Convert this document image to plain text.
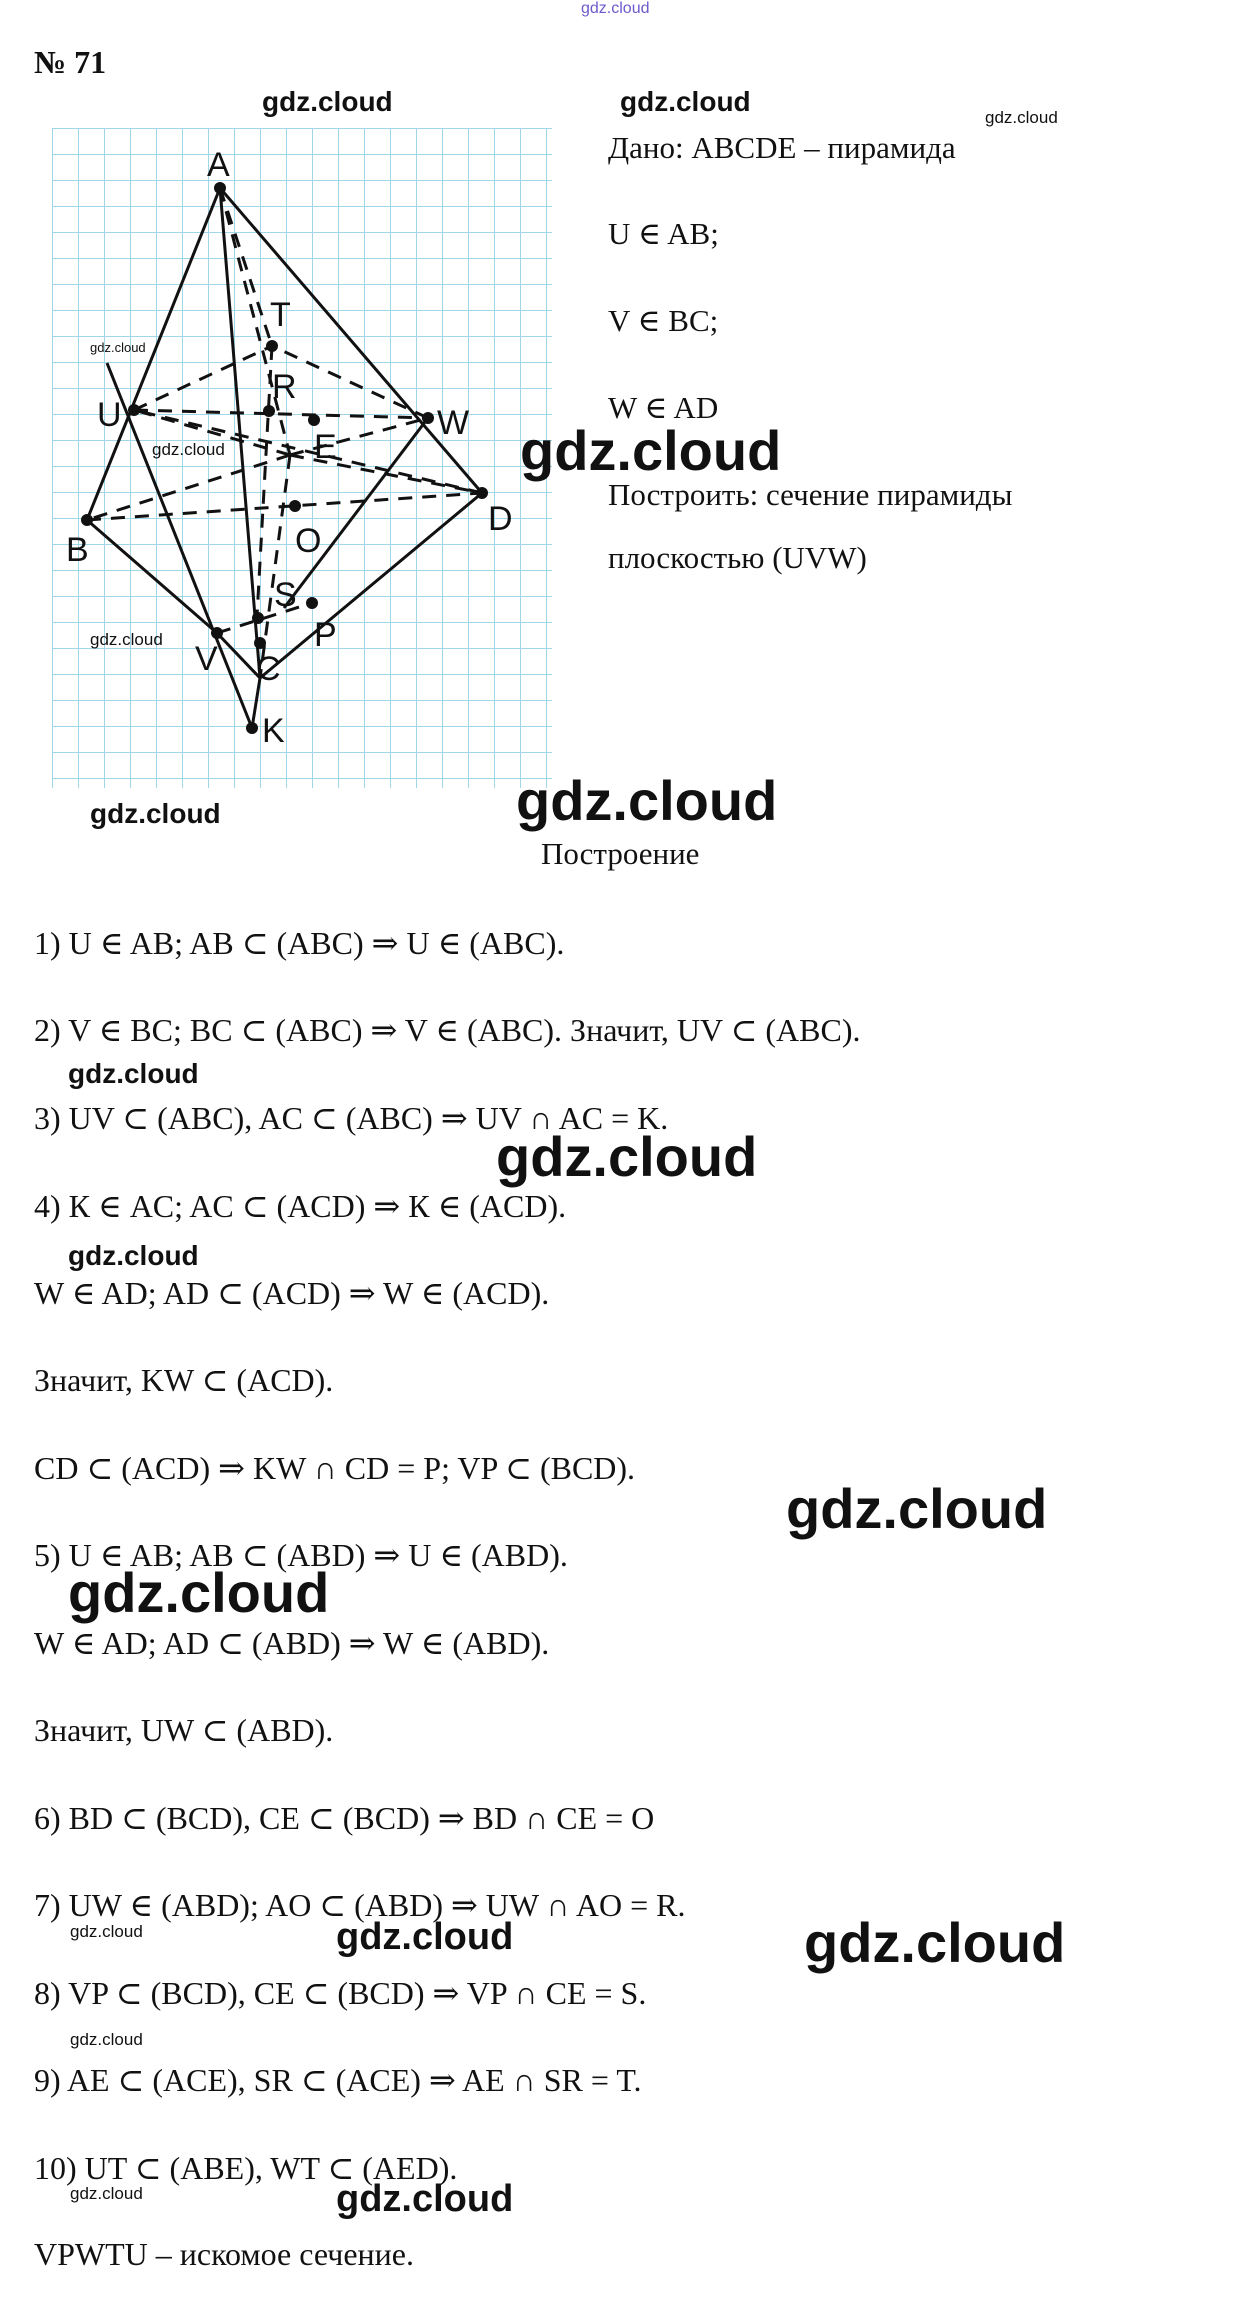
gdz.cloud
№ 71
A
T
R
U	W
E
D
B	O
S
P
V C
K
gdz.cloud	gdz.cloud
gdz.cloud
gdz.cloud
gdz.cloud
gdz.cloud
gdz.cloud
gdz.cloud	gdz.cloud
Дано: ABCDE – пирамида
U ∈ AB;
V ∈ BC;
W ∈ AD
Построить: сечение пирамиды
плоскостью (UVW)
Построение
1) U ∈ AB; AB ⊂ (ABC) ⇒ U ∈ (ABC).
2) V ∈ BC; BC ⊂ (ABC) ⇒ V ∈ (ABC). Значит, UV ⊂ (ABC).
gdz.cloud
3) UV ⊂ (ABC), AC ⊂ (ABC) ⇒ UV ∩ AC = K.
gdz.cloud
4) К ∈ AC; AC ⊂ (ACD) ⇒ К ∈ (ACD).
gdz.cloud
W ∈ AD; AD ⊂ (ACD) ⇒ W ∈ (ACD).
Значит, KW ⊂ (ACD).
CD ⊂ (ACD) ⇒ KW ∩ CD = P; VP ⊂ (BCD).
gdz.cloud
5) U ∈ AB; AB ⊂ (ABD) ⇒ U ∈ (ABD).
gdz.cloud
W ∈ AD; AD ⊂ (ABD) ⇒ W ∈ (ABD).
Значит, UW ⊂ (ABD).
6) BD ⊂ (BCD), CE ⊂ (BCD) ⇒ BD ∩ CE = O
7) UW ∈ (ABD); AO ⊂ (ABD) ⇒ UW ∩ AO = R.
gdz.cloud	gdz.cloud	gdz.cloud
8) VP ⊂ (BCD), CE ⊂ (BCD) ⇒ VP ∩ CE = S.
gdz.cloud
9) AE ⊂ (ACE), SR ⊂ (ACE) ⇒ AE ∩ SR = T.
10) UT ⊂ (ABE), WT ⊂ (AED).
gdz.cloud	gdz.cloud
VPWTU – искомое сечение.
